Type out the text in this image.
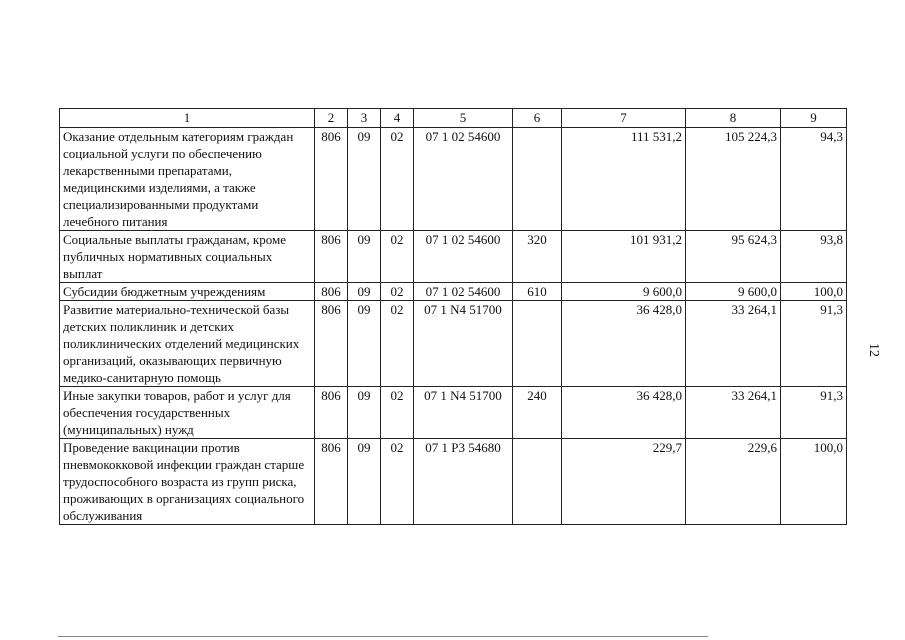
1	2	3	4	5	6	7	8	9
Оказание отдельным категориям граждан социальной услуги по обеспечению лекарственными препаратами, медицинскими изделиями, а также специализированными продуктами лечебного питания	806	09	02	07 1 02 54600		111 531,2	105 224,3	94,3
Социальные выплаты гражданам, кроме публичных нормативных социальных выплат	806	09	02	07 1 02 54600	320	101 931,2	95 624,3	93,8
Субсидии бюджетным учреждениям	806	09	02	07 1 02 54600	610	9 600,0	9 600,0	100,0
Развитие материально-технической базы детских поликлиник и детских поликлинических отделений медицинских организаций, оказывающих первичную медико-санитарную помощь	806	09	02	07 1 N4 51700		36 428,0	33 264,1	91,3
Иные закупки товаров, работ и услуг для обеспечения государственных (муниципальных) нужд	806	09	02	07 1 N4 51700	240	36 428,0	33 264,1	91,3
Проведение вакцинации против пневмококковой инфекции граждан старше трудоспособного возраста из групп риска, проживающих в организациях социального обслуживания	806	09	02	07 1 P3 54680		229,7	229,6	100,0
12
